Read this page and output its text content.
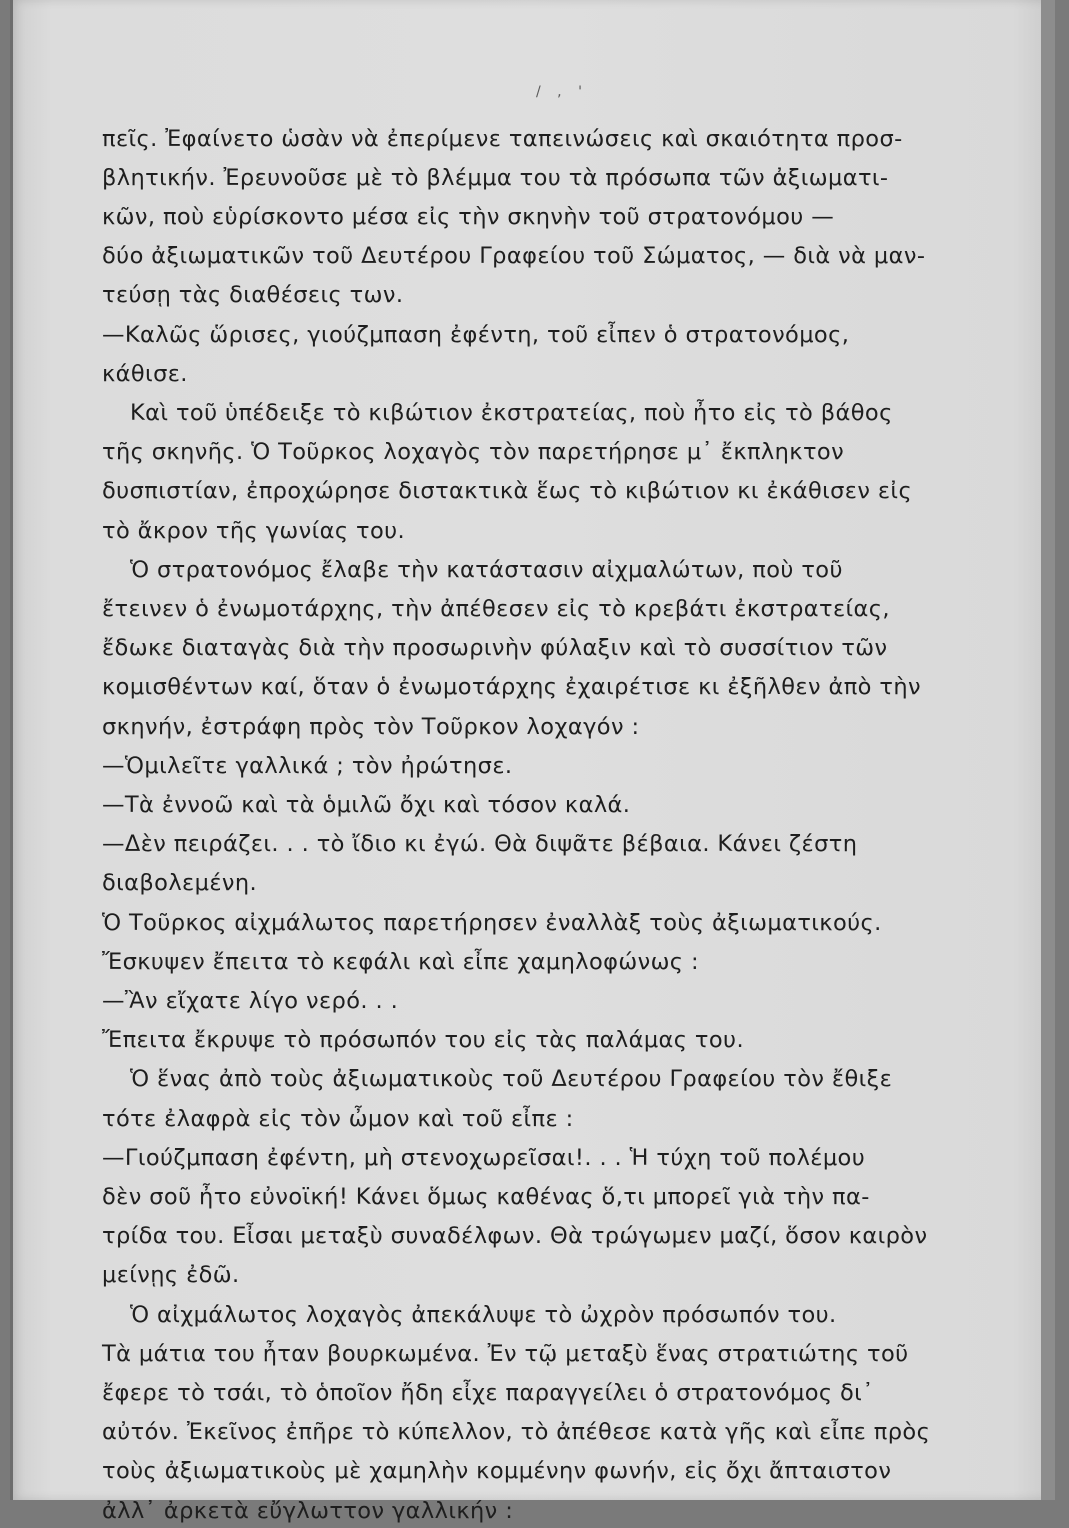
/ , '
πεῖς. Ἐφαίνετο ὡσὰν νὰ ἐπερίμενε ταπεινώσεις καὶ σκαιότητα προσ-
βλητικήν. Ἐρευνοῦσε μὲ τὸ βλέμμα του τὰ πρόσωπα τῶν ἀξιωματι-
κῶν, ποὺ εὑρίσκοντο μέσα εἰς τὴν σκηνὴν τοῦ στρατονόμου —
δύο ἀξιωματικῶν τοῦ Δευτέρου Γραφείου τοῦ Σώματος, — διὰ νὰ μαν-
τεύσῃ τὰς διαθέσεις των.
—Καλῶς ὥρισες, γιούζμπαση ἐφέντη, τοῦ εἶπεν ὁ στρατονόμος,
κάθισε.
Καὶ τοῦ ὑπέδειξε τὸ κιβώτιον ἐκστρατείας, ποὺ ἦτο εἰς τὸ βάθος
τῆς σκηνῆς. Ὁ Τοῦρκος λοχαγὸς τὸν παρετήρησε μ᾽ ἔκπληκτον
δυσπιστίαν, ἐπροχώρησε διστακτικὰ ἕως τὸ κιβώτιον κι ἐκάθισεν εἰς
τὸ ἄκρον τῆς γωνίας του.
Ὁ στρατονόμος ἔλαβε τὴν κατάστασιν αἰχμαλώτων, ποὺ τοῦ
ἔτεινεν ὁ ἐνωμοτάρχης, τὴν ἀπέθεσεν εἰς τὸ κρεβάτι ἐκστρατείας,
ἔδωκε διαταγὰς διὰ τὴν προσωρινὴν φύλαξιν καὶ τὸ συσσίτιον τῶν
κομισθέντων καί, ὅταν ὁ ἐνωμοτάρχης ἐχαιρέτισε κι ἐξῆλθεν ἀπὸ τὴν
σκηνήν, ἐστράφη πρὸς τὸν Τοῦρκον λοχαγόν :
—Ὁμιλεῖτε γαλλικά ; τὸν ἠρώτησε.
—Τὰ ἐννοῶ καὶ τὰ ὁμιλῶ ὄχι καὶ τόσον καλά.
—Δὲν πειράζει. . . τὸ ἴδιο κι ἐγώ. Θὰ διψᾶτε βέβαια. Κάνει ζέστη
διαβολεμένη.
Ὁ Τοῦρκος αἰχμάλωτος παρετήρησεν ἐναλλὰξ τοὺς ἀξιωματικούς.
Ἔσκυψεν ἔπειτα τὸ κεφάλι καὶ εἶπε χαμηλοφώνως :
—Ἂν εἴχατε λίγο νερό. . .
Ἔπειτα ἔκρυψε τὸ πρόσωπόν του εἰς τὰς παλάμας του.
Ὁ ἕνας ἀπὸ τοὺς ἀξιωματικοὺς τοῦ Δευτέρου Γραφείου τὸν ἔθιξε
τότε ἐλαφρὰ εἰς τὸν ὦμον καὶ τοῦ εἶπε :
—Γιούζμπαση ἐφέντη, μὴ στενοχωρεῖσαι!. . . Ἡ τύχη τοῦ πολέμου
δὲν σοῦ ἦτο εὐνοϊκή! Κάνει ὅμως καθένας ὅ,τι μπορεῖ γιὰ τὴν πα-
τρίδα του. Εἶσαι μεταξὺ συναδέλφων. Θὰ τρώγωμεν μαζί, ὅσον καιρὸν
μείνῃς ἐδῶ.
Ὁ αἰχμάλωτος λοχαγὸς ἀπεκάλυψε τὸ ὠχρὸν πρόσωπόν του.
Τὰ μάτια του ἦταν βουρκωμένα. Ἐν τῷ μεταξὺ ἕνας στρατιώτης τοῦ
ἔφερε τὸ τσάι, τὸ ὁποῖον ἤδη εἶχε παραγγείλει ὁ στρατονόμος δι᾽
αὐτόν. Ἐκεῖνος ἐπῆρε τὸ κύπελλον, τὸ ἀπέθεσε κατὰ γῆς καὶ εἶπε πρὸς
τοὺς ἀξιωματικοὺς μὲ χαμηλὴν κομμένην φωνήν, εἰς ὄχι ἄπταιστον
ἀλλ᾽ ἀρκετὰ εὔγλωττον γαλλικήν :
